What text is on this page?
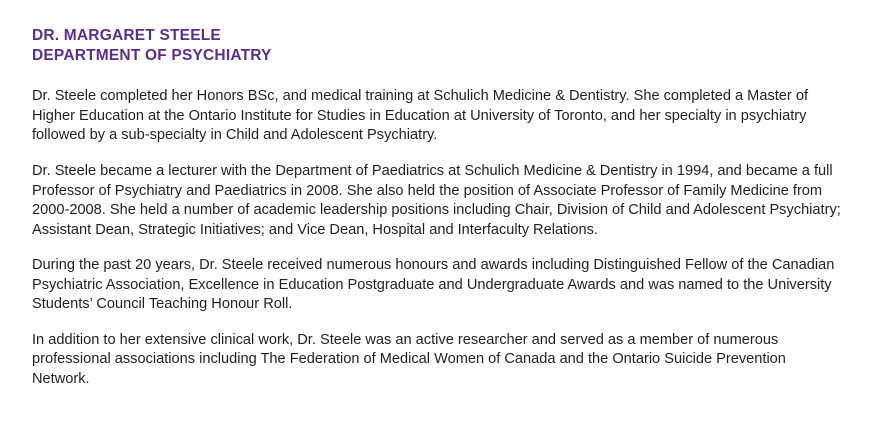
DR. MARGARET STEELE
DEPARTMENT OF PSYCHIATRY

Dr. Steele completed her Honors BSc, and medical training at Schulich Medicine & Dentistry. She completed a Master of Higher Education at the Ontario Institute for Studies in Education at University of Toronto, and her specialty in psychiatry followed by a sub-specialty in Child and Adolescent Psychiatry.

Dr. Steele became a lecturer with the Department of Paediatrics at Schulich Medicine & Dentistry in 1994, and became a full Professor of Psychiatry and Paediatrics in 2008. She also held the position of Associate Professor of Family Medicine from 2000-2008. She held a number of academic leadership positions including Chair, Division of Child and Adolescent Psychiatry; Assistant Dean, Strategic Initiatives; and Vice Dean, Hospital and Interfaculty Relations.

During the past 20 years, Dr. Steele received numerous honours and awards including Distinguished Fellow of the Canadian Psychiatric Association, Excellence in Education Postgraduate and Undergraduate Awards and was named to the University Students’ Council Teaching Honour Roll.

In addition to her extensive clinical work, Dr. Steele was an active researcher and served as a member of numerous professional associations including The Federation of Medical Women of Canada and the Ontario Suicide Prevention Network.
